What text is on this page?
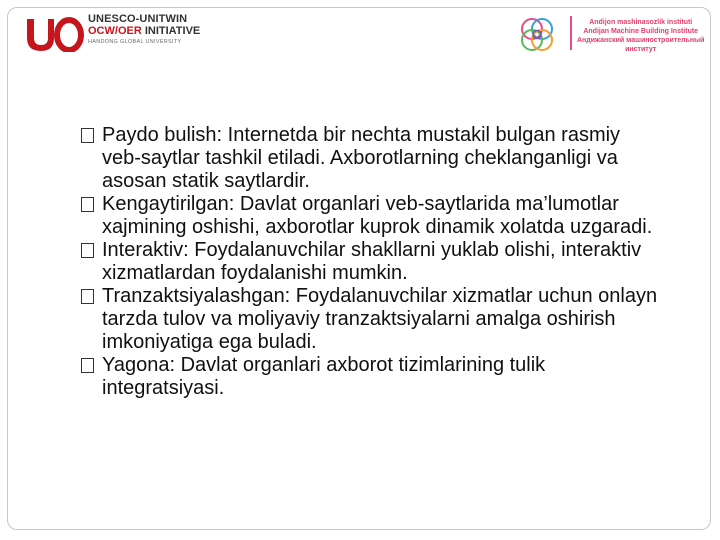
UNESCO-UNITWIN
OCW/OER INITIATIVE
HANDONG GLOBAL UNIVERSITY
Andijon mashinasozlik instituti
Andijan Machine Building Institute
Андижанский машиностроительный
институт

Paydo bulish: Internetda bir nechta mustakil bulgan rasmiy veb-saytlar tashkil etiladi. Axborotlarning cheklanganligi va asosan statik saytlardir.

Kengaytirilgan: Davlat organlari veb-saytlarida ma’lumotlar xajmining oshishi, axborotlar kuprok dinamik xolatda uzgaradi.

Interaktiv: Foydalanuvchilar shakllarni yuklab olishi, interaktiv xizmatlardan foydalanishi mumkin.

Tranzaktsiyalashgan: Foydalanuvchilar xizmatlar uchun onlayn tarzda tulov va moliyaviy tranzaktsiyalarni amalga oshirish imkoniyatiga ega buladi.

Yagona: Davlat organlari axborot tizimlarining tulik integratsiyasi.
